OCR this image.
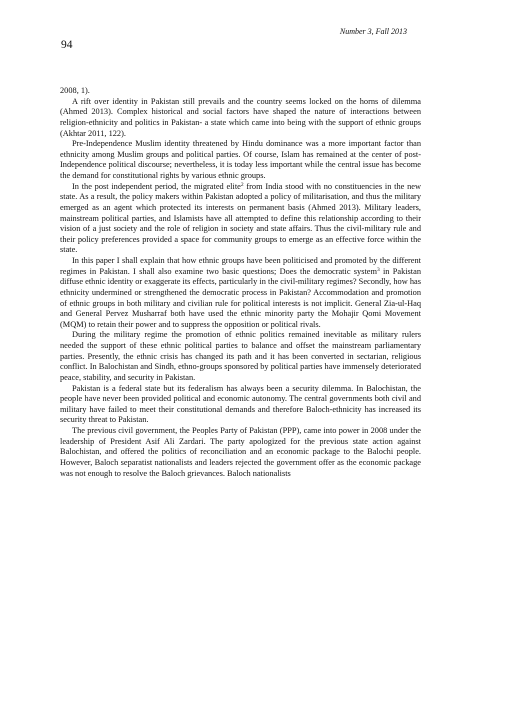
Number 3, Fall 2013
94

2008, 1).

A rift over identity in Pakistan still prevails and the country seems locked on the horns of dilemma (Ahmed 2013). Complex historical and social factors have shaped the nature of interactions between religion-ethnicity and politics in Pakistan- a state which came into being with the support of ethnic groups (Akhtar 2011, 122).

Pre-Independence Muslim identity threatened by Hindu dominance was a more important factor than ethnicity among Muslim groups and political parties. Of course, Islam has remained at the center of post-Independence political discourse; nevertheless, it is today less important while the central issue has become the demand for constitutional rights by various ethnic groups.

In the post independent period, the migrated elite$^2$ from India stood with no constituencies in the new state. As a result, the policy makers within Pakistan adopted a policy of militarisation, and thus the military emerged as an agent which protected its interests on permanent basis (Ahmed 2013). Military leaders, mainstream political parties, and Islamists have all attempted to define this relationship according to their vision of a just society and the role of religion in society and state affairs. Thus the civil-military rule and their policy preferences provided a space for community groups to emerge as an effective force within the state.

In this paper I shall explain that how ethnic groups have been politicised and promoted by the different regimes in Pakistan. I shall also examine two basic questions; Does the democratic system$^3$ in Pakistan diffuse ethnic identity or exaggerate its effects, particularly in the civil-military regimes? Secondly, how has ethnicity undermined or strengthened the democratic process in Pakistan? Accommodation and promotion of ethnic groups in both military and civilian rule for political interests is not implicit. General Zia-ul-Haq and General Pervez Musharraf both have used the ethnic minority party the Mohajir Qomi Movement (MQM) to retain their power and to suppress the opposition or political rivals.

During the military regime the promotion of ethnic politics remained inevitable as military rulers needed the support of these ethnic political parties to balance and offset the mainstream parliamentary parties. Presently, the ethnic crisis has changed its path and it has been converted in sectarian, religious conflict. In Balochistan and Sindh, ethno-groups sponsored by political parties have immensely deteriorated peace, stability, and security in Pakistan.

Pakistan is a federal state but its federalism has always been a security dilemma. In Balochistan, the people have never been provided political and economic autonomy. The central governments both civil and military have failed to meet their constitutional demands and therefore Baloch-ethnicity has increased its security threat to Pakistan.

The previous civil government, the Peoples Party of Pakistan (PPP), came into power in 2008 under the leadership of President Asif Ali Zardari. The party apologized for the previous state action against Balochistan, and offered the politics of reconciliation and an economic package to the Balochi people. However, Baloch separatist nationalists and leaders rejected the government offer as the economic package was not enough to resolve the Baloch grievances. Baloch nationalists
